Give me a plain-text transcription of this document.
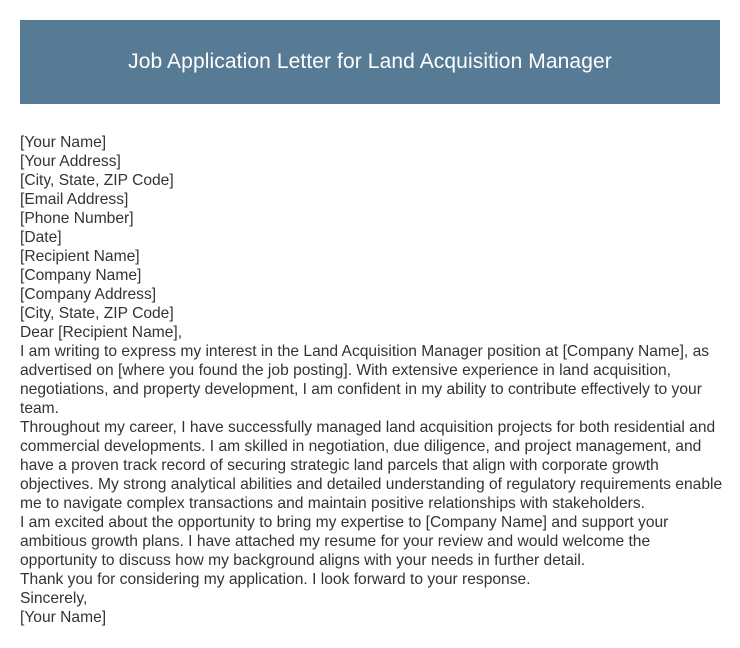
Job Application Letter for Land Acquisition Manager

[Your Name]

[Your Address]

[City, State, ZIP Code]

[Email Address]

[Phone Number]

[Date]

[Recipient Name]

[Company Name]

[Company Address]

[City, State, ZIP Code]

Dear [Recipient Name],

I am writing to express my interest in the Land Acquisition Manager position at [Company Name], as advertised on [where you found the job posting]. With extensive experience in land acquisition, negotiations, and property development, I am confident in my ability to contribute effectively to your team.

Throughout my career, I have successfully managed land acquisition projects for both residential and commercial developments. I am skilled in negotiation, due diligence, and project management, and have a proven track record of securing strategic land parcels that align with corporate growth objectives. My strong analytical abilities and detailed understanding of regulatory requirements enable me to navigate complex transactions and maintain positive relationships with stakeholders.

I am excited about the opportunity to bring my expertise to [Company Name] and support your ambitious growth plans. I have attached my resume for your review and would welcome the opportunity to discuss how my background aligns with your needs in further detail.

Thank you for considering my application. I look forward to your response.

Sincerely,

[Your Name]
